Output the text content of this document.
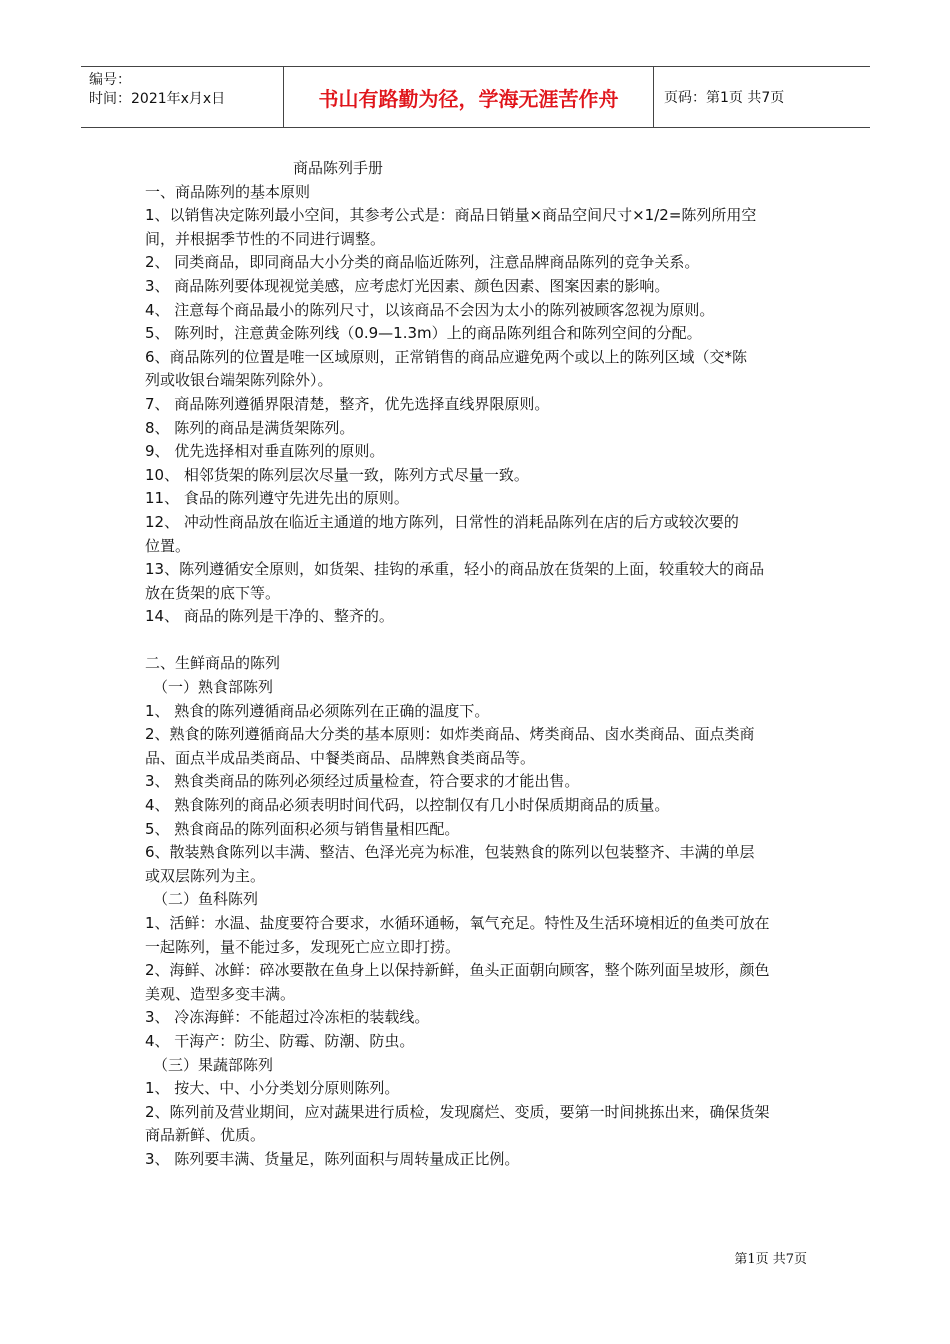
编号：
时间：2021年x月x日	书山有路勤为径，学海无涯苦作舟	页码：第1页 共7页

商品陈列手册

一、商品陈列的基本原则

1、以销售决定陈列最小空间，其参考公式是：商品日销量×商品空间尺寸×1/2=陈列所用空

间，并根据季节性的不同进行调整。

2、 同类商品，即同商品大小分类的商品临近陈列，注意品牌商品陈列的竞争关系。

3、 商品陈列要体现视觉美感，应考虑灯光因素、颜色因素、图案因素的影响。

4、 注意每个商品最小的陈列尺寸，以该商品不会因为太小的陈列被顾客忽视为原则。

5、 陈列时，注意黄金陈列线（0.9—1.3m）上的商品陈列组合和陈列空间的分配。

6、商品陈列的位置是唯一区域原则，正常销售的商品应避免两个或以上的陈列区域（交*陈

列或收银台端架陈列除外）。

7、 商品陈列遵循界限清楚，整齐，优先选择直线界限原则。

8、 陈列的商品是满货架陈列。

9、 优先选择相对垂直陈列的原则。

10、 相邻货架的陈列层次尽量一致，陈列方式尽量一致。

11、 食品的陈列遵守先进先出的原则。

12、 冲动性商品放在临近主通道的地方陈列，日常性的消耗品陈列在店的后方或较次要的

位置。

13、陈列遵循安全原则，如货架、挂钩的承重，轻小的商品放在货架的上面，较重较大的商品

放在货架的底下等。

14、 商品的陈列是干净的、整齐的。

二、生鲜商品的陈列

（一）熟食部陈列

1、 熟食的陈列遵循商品必须陈列在正确的温度下。

2、熟食的陈列遵循商品大分类的基本原则：如炸类商品、烤类商品、卤水类商品、面点类商

品、面点半成品类商品、中餐类商品、品牌熟食类商品等。

3、 熟食类商品的陈列必须经过质量检查，符合要求的才能出售。

4、 熟食陈列的商品必须表明时间代码，以控制仅有几小时保质期商品的质量。

5、 熟食商品的陈列面积必须与销售量相匹配。

6、散装熟食陈列以丰满、整洁、色泽光亮为标准，包装熟食的陈列以包装整齐、丰满的单层

或双层陈列为主。

（二）鱼科陈列

1、活鲜：水温、盐度要符合要求，水循环通畅，氧气充足。特性及生活环境相近的鱼类可放在

一起陈列，量不能过多，发现死亡应立即打捞。

2、海鲜、冰鲜：碎冰要散在鱼身上以保持新鲜，鱼头正面朝向顾客，整个陈列面呈坡形，颜色

美观、造型多变丰满。

3、 冷冻海鲜：不能超过冷冻柜的装载线。

4、 干海产：防尘、防霉、防潮、防虫。

（三）果蔬部陈列

1、 按大、中、小分类划分原则陈列。

2、陈列前及营业期间，应对蔬果进行质检，发现腐烂、变质，要第一时间挑拣出来，确保货架

商品新鲜、优质。

3、 陈列要丰满、货量足，陈列面积与周转量成正比例。

第1页 共7页
